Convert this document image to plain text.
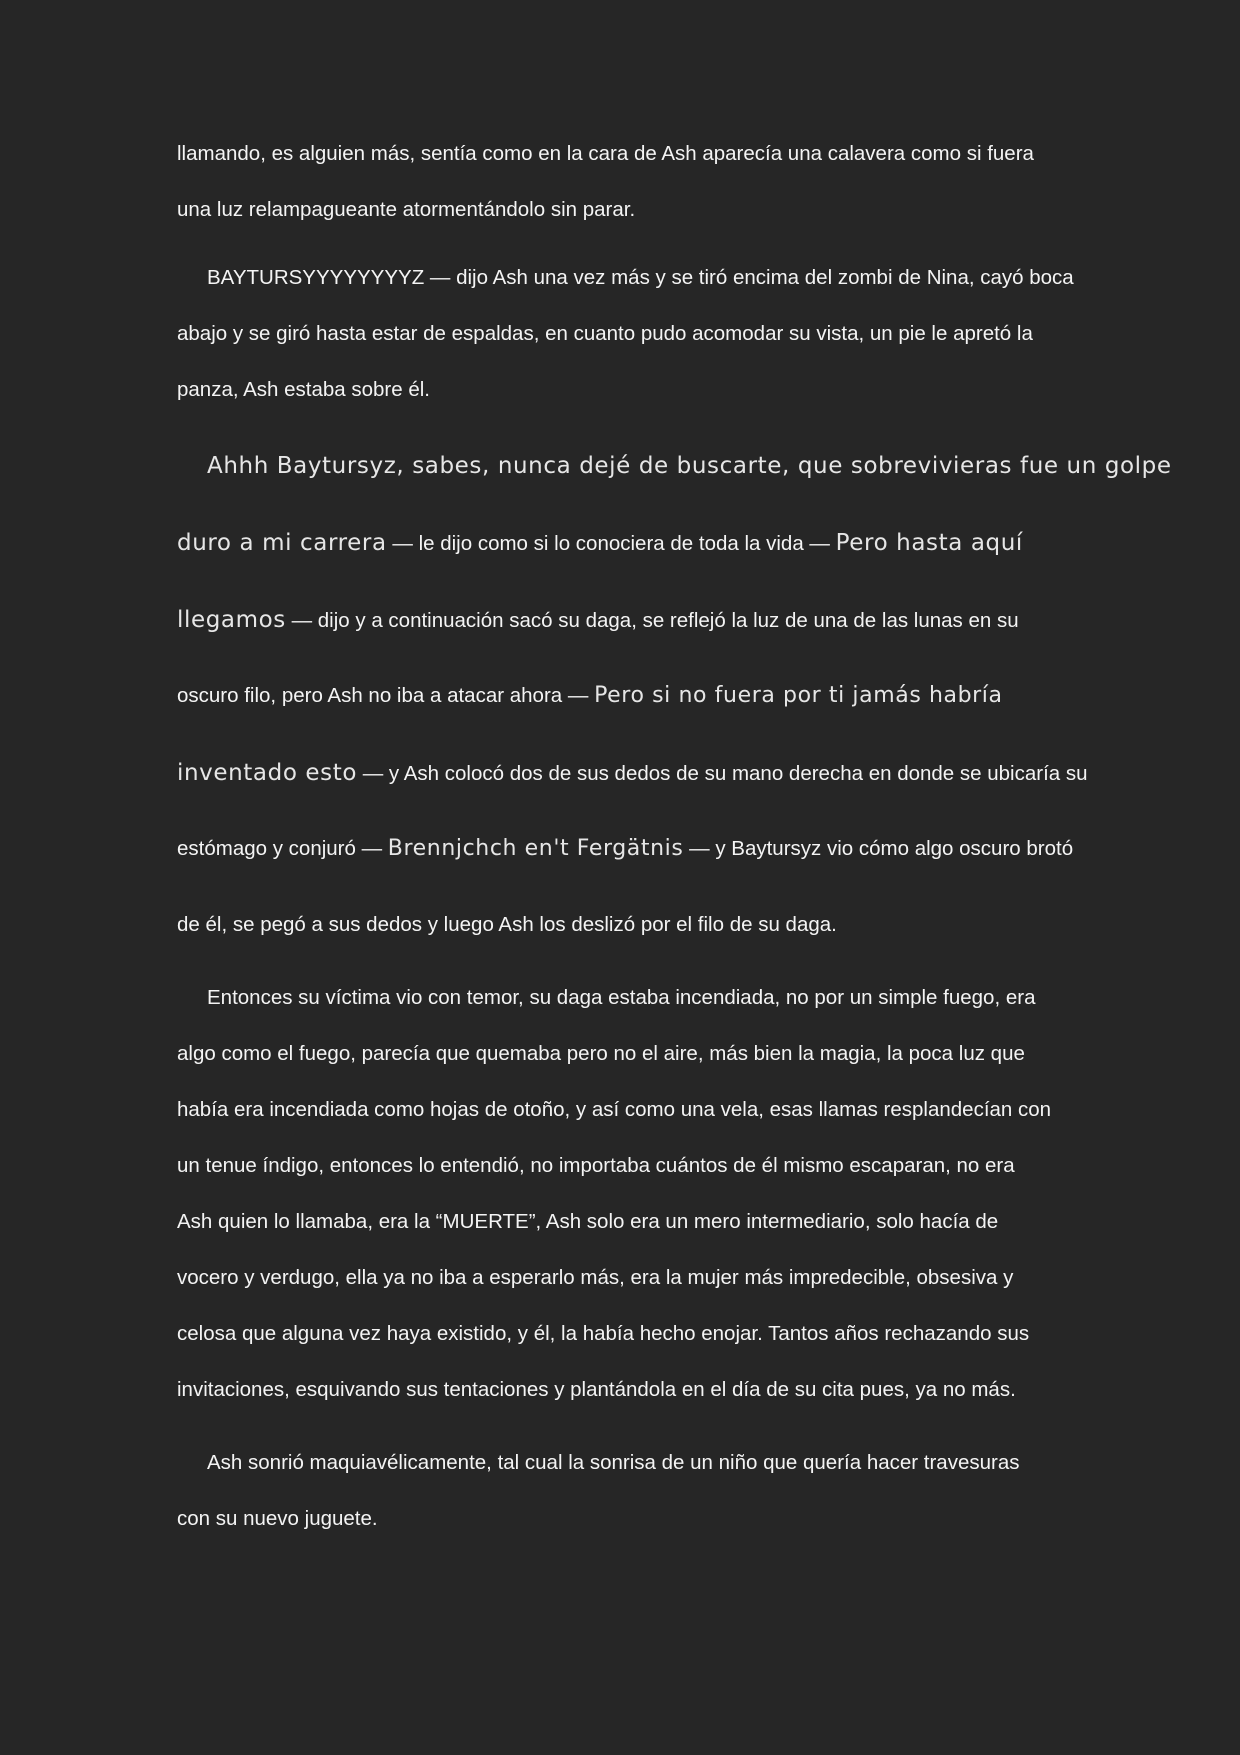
llamando, es alguien más, sentía como en la cara de Ash aparecía una calavera como si fuera
una luz relampagueante atormentándolo sin parar.
BAYTURSYYYYYYYYZ — dijo Ash una vez más y se tiró encima del zombi de Nina, cayó boca
abajo y se giró hasta estar de espaldas, en cuanto pudo acomodar su vista, un pie le apretó la
panza, Ash estaba sobre él.
Ahhh Baytursyz, sabes, nunca dejé de buscarte, que sobrevivieras fue un golpe
duro a mi carrera — le dijo como si lo conociera de toda la vida — Pero hasta aquí
llegamos — dijo y a continuación sacó su daga, se reflejó la luz de una de las lunas en su
oscuro filo, pero Ash no iba a atacar ahora — Pero si no fuera por ti jamás habría
inventado esto — y Ash colocó dos de sus dedos de su mano derecha en donde se ubicaría su
estómago y conjuró — Brennjchch en't Fergätnis — y Baytursyz vio cómo algo oscuro brotó
de él, se pegó a sus dedos y luego Ash los deslizó por el filo de su daga.
Entonces su víctima vio con temor, su daga estaba incendiada, no por un simple fuego, era
algo como el fuego, parecía que quemaba pero no el aire, más bien la magia, la poca luz que
había era incendiada como hojas de otoño, y así como una vela, esas llamas resplandecían con
un tenue índigo, entonces lo entendió, no importaba cuántos de él mismo escaparan, no era
Ash quien lo llamaba, era la “MUERTE”, Ash solo era un mero intermediario, solo hacía de
vocero y verdugo, ella ya no iba a esperarlo más, era la mujer más impredecible, obsesiva y
celosa que alguna vez haya existido, y él, la había hecho enojar. Tantos años rechazando sus
invitaciones, esquivando sus tentaciones y plantándola en el día de su cita pues, ya no más.
Ash sonrió maquiavélicamente, tal cual la sonrisa de un niño que quería hacer travesuras
con su nuevo juguete.
